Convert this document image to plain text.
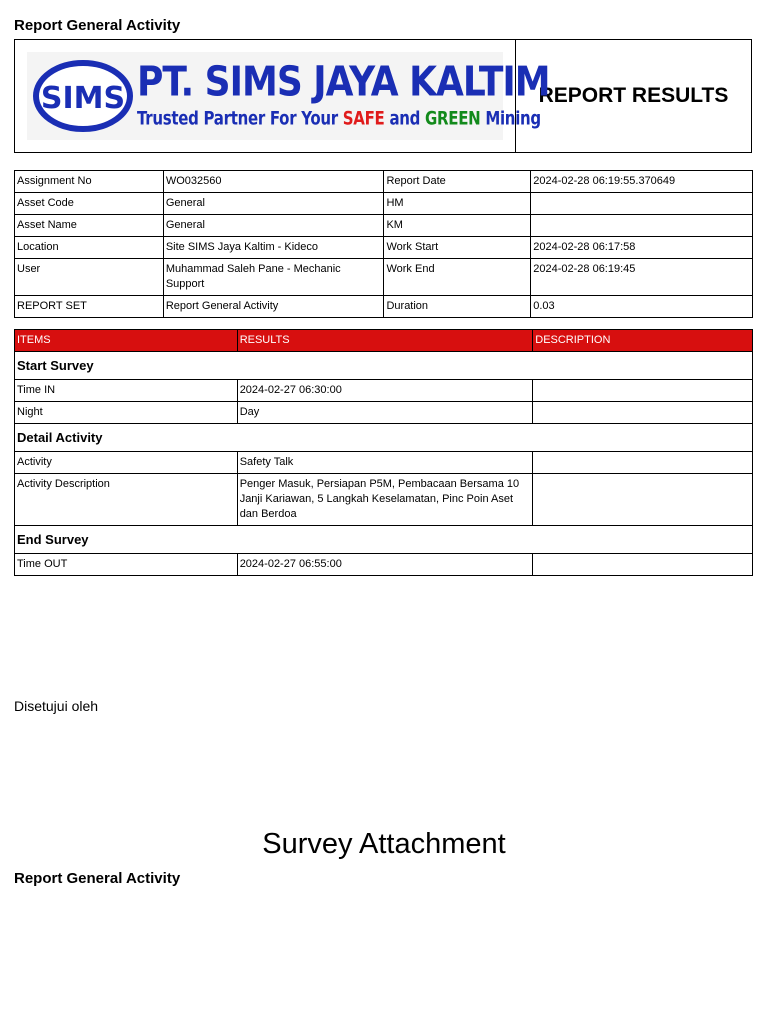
Report General Activity
SIMS PT. SIMS JAYA KALTIM
Trusted Partner For Your SAFE and GREEN Mining
REPORT RESULTS
Assignment No	WO032560	Report Date	2024-02-28 06:19:55.370649
Asset Code	General	HM	
Asset Name	General	KM	
Location	Site SIMS Jaya Kaltim - Kideco	Work Start	2024-02-28 06:17:58
User	Muhammad Saleh Pane - Mechanic Support	Work End	2024-02-28 06:19:45
REPORT SET	Report General Activity	Duration	0.03
ITEMS	RESULTS	DESCRIPTION
Start Survey		
Time IN	2024-02-27 06:30:00	
Night	Day	
Detail Activity		
Activity	Safety Talk	
Activity Description	Penger Masuk, Persiapan P5M, Pembacaan Bersama 10 Janji Kariawan, 5 Langkah Keselamatan, Pinc Poin Aset dan Berdoa	
End Survey		
Time OUT	2024-02-27 06:55:00	
Disetujui oleh
Survey Attachment
Report General Activity
